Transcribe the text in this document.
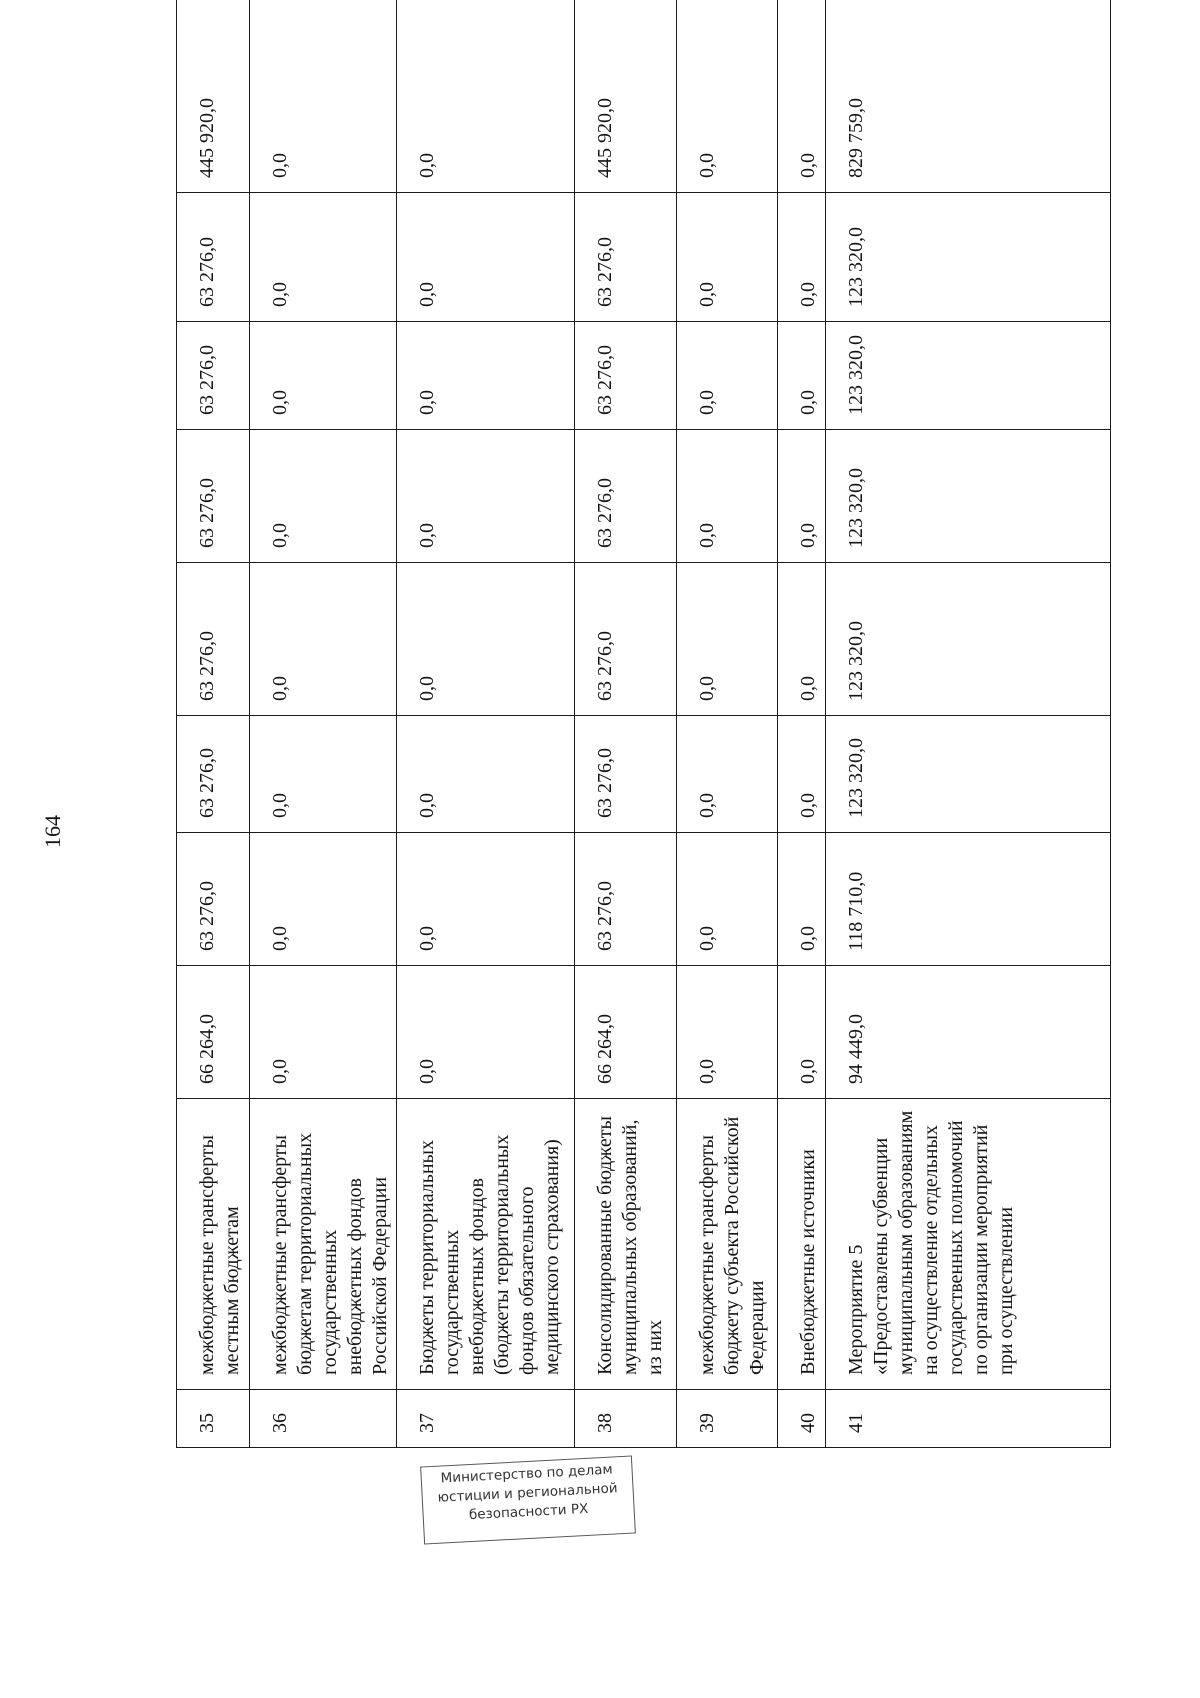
164
35	межбюджетные трансферты местным бюджетам	66 264,0	63 276,0	63 276,0	63 276,0	63 276,0	63 276,0	63 276,0	445 920,0
36	межбюджетные трансферты бюджетам территориальных государственных внебюджетных фондов Российской Федерации	0,0	0,0	0,0	0,0	0,0	0,0	0,0	0,0
37	Бюджеты территориальных государственных внебюджетных фондов (бюджеты территориальных фондов обязательного медицинского страхования)	0,0	0,0	0,0	0,0	0,0	0,0	0,0	0,0
38	Консолидированные бюджеты муниципальных образований, из них	66 264,0	63 276,0	63 276,0	63 276,0	63 276,0	63 276,0	63 276,0	445 920,0
39	межбюджетные трансферты бюджету субъекта Российской Федерации	0,0	0,0	0,0	0,0	0,0	0,0	0,0	0,0
40	Внебюджетные источники	0,0	0,0	0,0	0,0	0,0	0,0	0,0	0,0
41	Мероприятие 5 «Предоставлены субвенции муниципальным образованиям на осуществление отдельных государственных полномочий по организации мероприятий при осуществлении	94 449,0	118 710,0	123 320,0	123 320,0	123 320,0	123 320,0	123 320,0	829 759,0
Министерство по делам
юстиции и региональной
безопасности РХ
